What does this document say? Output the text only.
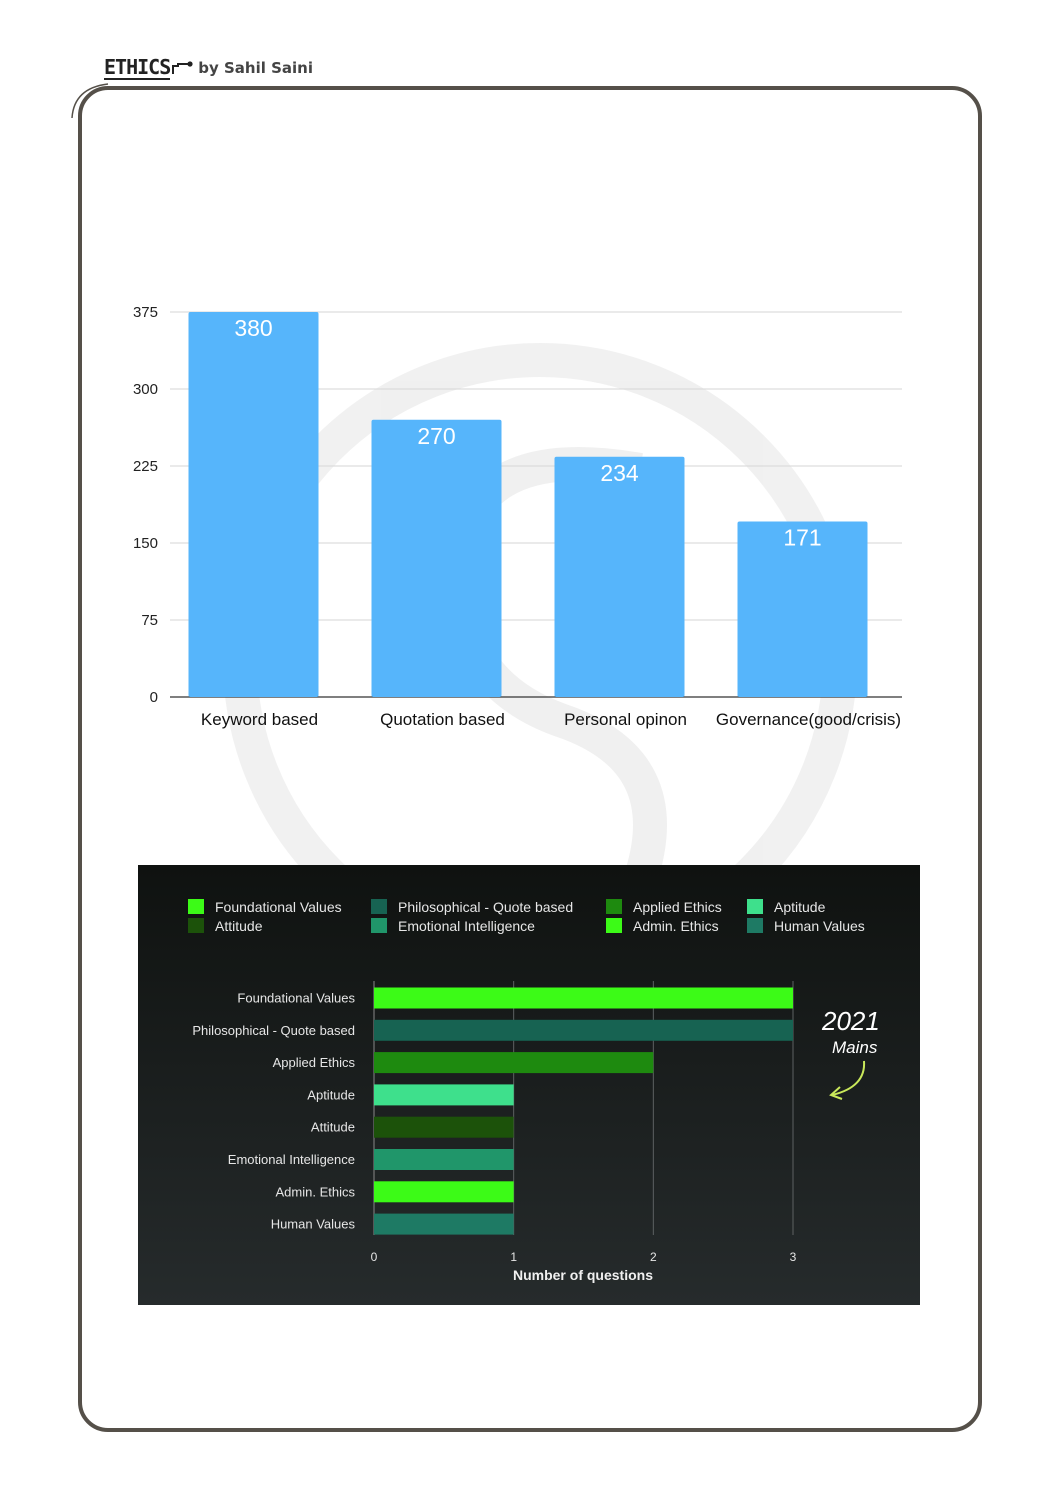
ETHICS by Sahil Saini
0
75
150
225
300
375
380
Keyword based
270
Quotation based
234
Personal opinon
171
Governance(good/crisis)
Foundational Values	Philosophical - Quote based	Applied Ethics	Aptitude
Attitude	Emotional Intelligence	Admin. Ethics	Human Values
0	1	2	3
Foundational Values
Philosophical - Quote based
Applied Ethics
Aptitude
Attitude
Emotional Intelligence
Admin. Ethics
Human Values
Number of questions
2021
Mains
